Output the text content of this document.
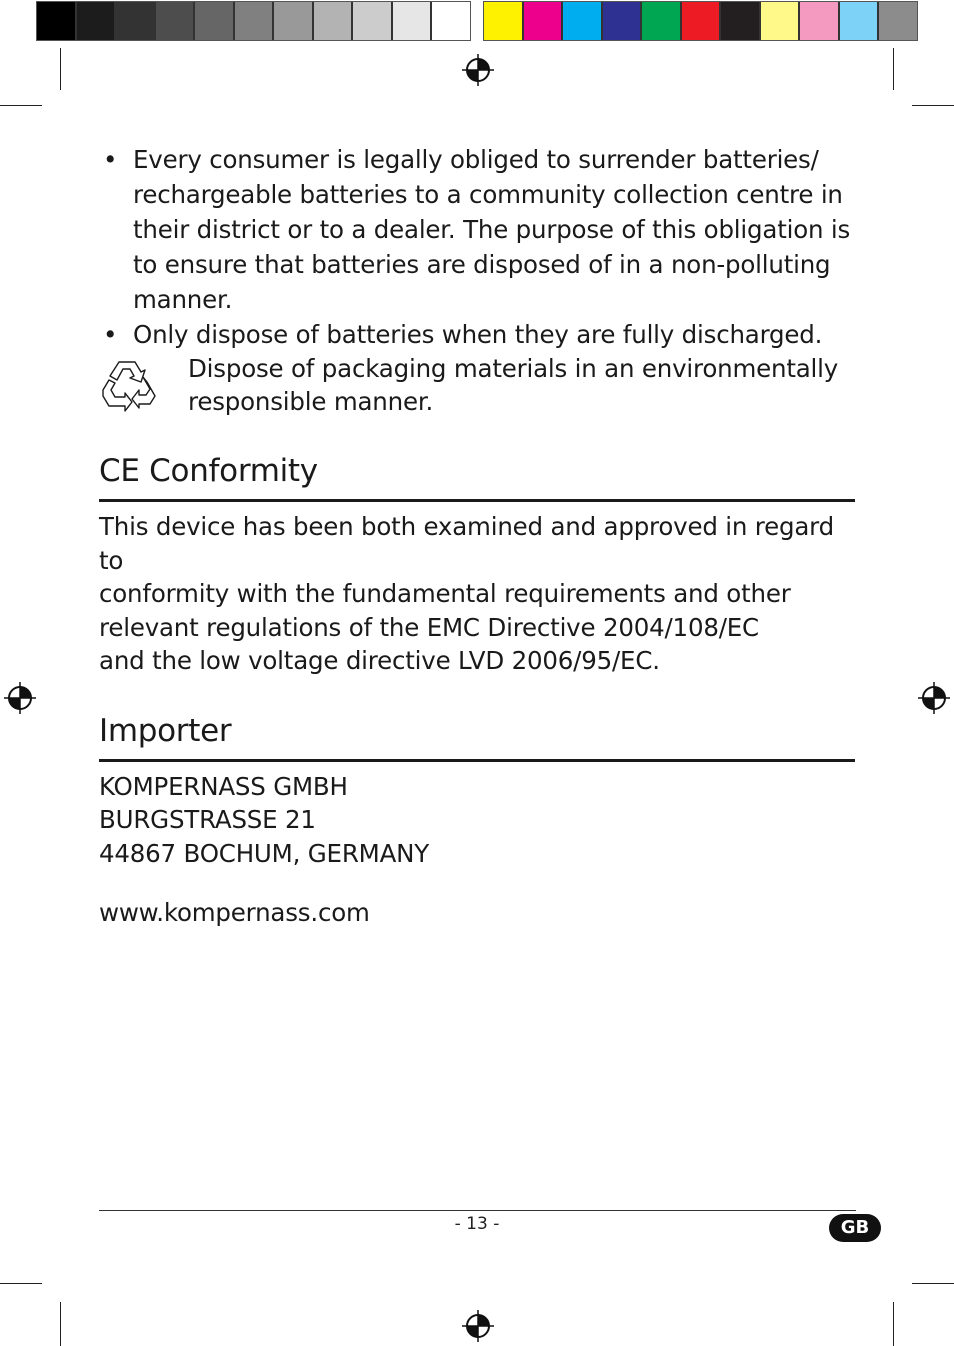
• Every consumer is legally obliged to surrender batteries/ rechargeable batteries to a community collection centre in their district or to a dealer. The purpose of this obligation is to ensure that batteries are disposed of in a non-polluting manner.

• Only dispose of batteries when they are fully discharged.

Dispose of packaging materials in an environmentally responsible manner.
CE Conformity
This device has been both examined and approved in regard to
conformity with the fundamental requirements and other
relevant regulations of the EMC Directive 2004/108/EC
and the low voltage directive LVD 2006/95/EC.
Importer
KOMPERNASS GMBH
BURGSTRASSE 21
44867 BOCHUM, GERMANY
www.kompernass.com
- 13 -	GB
